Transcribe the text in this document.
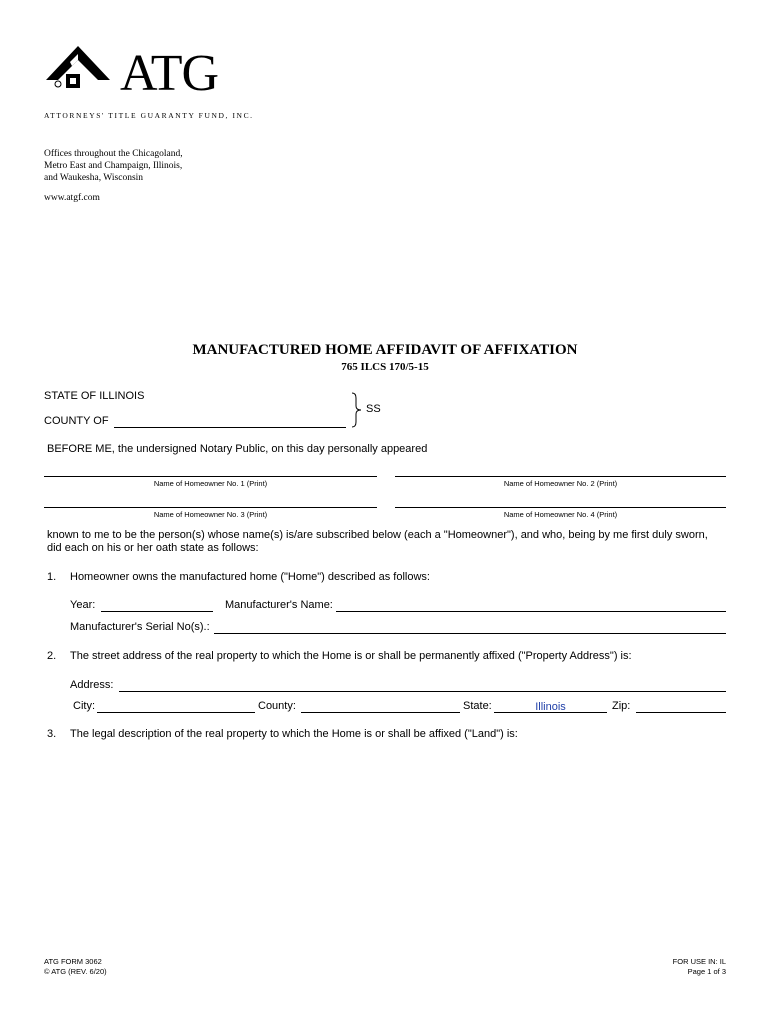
ATG
ATTORNEYS' TITLE GUARANTY FUND, INC.
Offices throughout the Chicagoland,
Metro East and Champaign, Illinois,
and Waukesha, Wisconsin
www.atgf.com
MANUFACTURED HOME AFFIDAVIT OF AFFIXATION
765 ILCS 170/5-15
STATE OF ILLINOIS
COUNTY OF
SS
BEFORE ME, the undersigned Notary Public, on this day personally appeared
Name of Homeowner No. 1 (Print)	Name of Homeowner No. 2 (Print)
Name of Homeowner No. 3 (Print)	Name of Homeowner No. 4 (Print)
known to me to be the person(s) whose name(s) is/are subscribed below (each a "Homeowner"), and who, being by me first duly sworn,
did each on his or her oath state as follows:
1. Homeowner owns the manufactured home ("Home") described as follows:
Year:	Manufacturer's Name:
Manufacturer's Serial No(s).:
2. The street address of the real property to which the Home is or shall be permanently affixed ("Property Address") is:
Address:
City:	County:	State:	Illinois	Zip:
3. The legal description of the real property to which the Home is or shall be affixed ("Land") is:
ATG FORM 3062
© ATG (REV. 6/20)
FOR USE IN: IL
Page 1 of 3
